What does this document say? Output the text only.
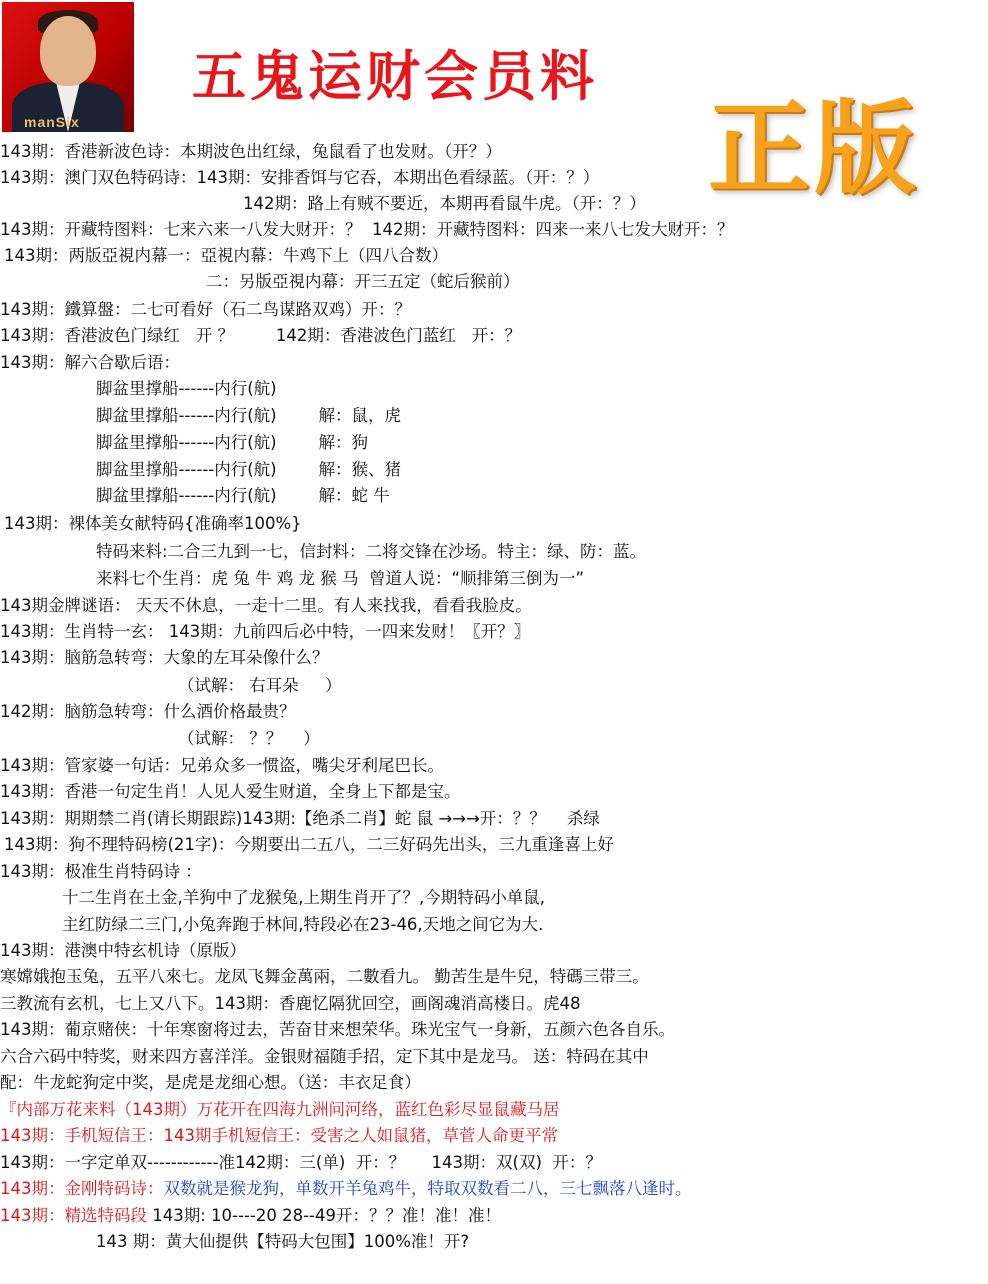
manSix
五鬼运财会员料
正版
143期：香港新波色诗：本期波色出红绿，兔鼠看了也发财。（开？）
143期：澳门双色特码诗：143期：安排香饵与它吞，本期出色看绿蓝。（开：？）
142期：路上有贼不要近，本期再看鼠牛虎。（开：？）
143期：开藏特图料：七来六来一八发大财开：？  142期：开藏特图料：四来一来八七发大财开：？
143期：两版亞視内幕一：亞視内幕：牛鸡下上（四八合数）
二：另版亞視内幕：开三五定（蛇后猴前）
143期：鐵算盤：二七可看好（石二鸟谋路双鸡）开：？
143期：香港波色门绿红   开 ？        142期：香港波色门蓝红   开：？
143期：解六合歇后语：
脚盆里撑船------内行(航)
脚盆里撑船------内行(航)        解：鼠，虎
脚盆里撑船------内行(航)        解：狗
脚盆里撑船------内行(航)        解：猴、猪
脚盆里撑船------内行(航)        解：蛇 牛
143期：裸体美女献特码{准确率100%}
特码来料:二合三九到一七，信封料：二将交锋在沙场。特主：绿、防：蓝。
来料七个生肖：虎 兔 牛 鸡 龙 猴 马  曾道人说：“顺排第三倒为一”
143期金牌谜语： 天天不休息，一走十二里。有人来找我，看看我脸皮。
143期：生肖特一玄： 143期：九前四后必中特，一四来发财！〖开？〗
143期：脑筋急转弯：大象的左耳朵像什么？
（试解： 右耳朵     ）
142期：脑筋急转弯：什么酒价格最贵？
（试解： ？？    ）
143期：管家婆一句话：兄弟众多一惯盗，嘴尖牙利尾巴长。
143期：香港一句定生肖！人见人爱生财道，全身上下都是宝。
143期：期期禁二肖(请长期跟踪)143期:【绝杀二肖】蛇 鼠 →→→开：？？    杀绿
143期：狗不理特码榜(21字)：今期要出二五八，二三好码先出头，三九重逢喜上好
143期：极准生肖特码诗 ：
十二生肖在土金,羊狗中了龙猴兔,上期生肖开了？,今期特码小单鼠,
主红防绿二三门,小兔奔跑于林间,特段必在23-46,天地之间它为大.
143期：港澳中特玄机诗（原版）
寒嫦娥抱玉兔，五平八來七。龙凤飞舞金萬兩，二數看九。 勤苦生是牛兒，特碼三带三。
三教流有玄机，七上又八下。143期：香鹿忆隔犹回空，画阁魂消高楼日。虎48
143期：葡京赌侠：十年寒窗将过去，苦奋甘来想荣华。珠光宝气一身新，五颜六色各自乐。
六合六码中特奖，财来四方喜洋洋。金银财福随手招，定下其中是龙马。 送：特码在其中
配：牛龙蛇狗定中奖，是虎是龙细心想。（送：丰衣足食）
『内部万花来料（143期）万花开在四海九洲问河络，蓝红色彩尽显鼠藏马居
143期：手机短信王：143期手机短信王：受害之人如鼠猪，草菅人命更平常
143期：一字定单双------------准142期：三(单)  开：？     143期：双(双)  开：？
143期：金刚特码诗：双数就是猴龙狗，单数开羊兔鸡牛，特取双数看二八，三七飘落八逢时。
143期：精选特码段 143期: 10----20 28--49开：？？准！准！准！
143 期：黄大仙提供【特码大包围】100%准！开?
